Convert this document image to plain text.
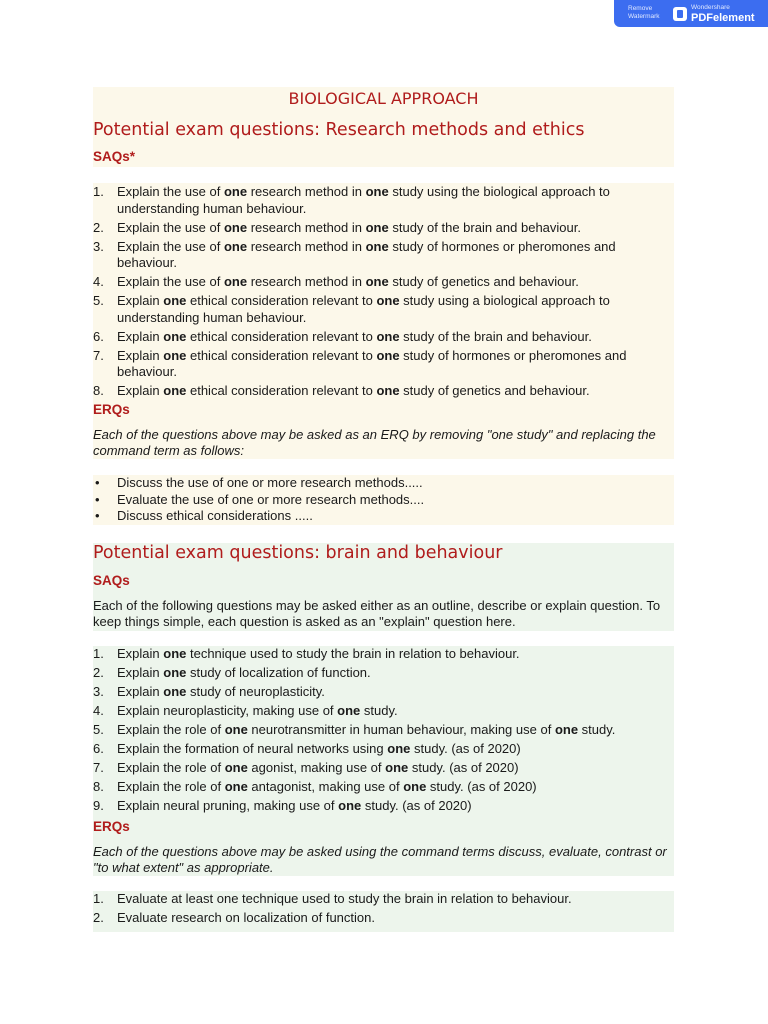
Remove
Watermark
Wondershare
PDFelement
BIOLOGICAL APPROACH
Potential exam questions: Research methods and ethics
SAQs*
1. Explain the use of one research method in one study using the biological approach to understanding human behaviour.
2. Explain the use of one research method in one study of the brain and behaviour.
3. Explain the use of one research method in one study of hormones or pheromones and behaviour.
4. Explain the use of one research method in one study of genetics and behaviour.
5. Explain one ethical consideration relevant to one study using a biological approach to understanding human behaviour.
6. Explain one ethical consideration relevant to one study of the brain and behaviour.
7. Explain one ethical consideration relevant to one study of hormones or pheromones and behaviour.
8. Explain one ethical consideration relevant to one study of genetics and behaviour.
ERQs
Each of the questions above may be asked as an ERQ by removing "one study" and replacing the command term as follows:
• Discuss the use of one or more research methods.....
• Evaluate the use of one or more research methods....
• Discuss ethical considerations .....
Potential exam questions: brain and behaviour
SAQs
Each of the following questions may be asked either as an outline, describe or explain question. To keep things simple, each question is asked as an "explain" question here.
1. Explain one technique used to study the brain in relation to behaviour.
2. Explain one study of localization of function.
3. Explain one study of neuroplasticity.
4. Explain neuroplasticity, making use of one study.
5. Explain the role of one neurotransmitter in human behaviour, making use of one study.
6. Explain the formation of neural networks using one study. (as of 2020)
7. Explain the role of one agonist, making use of one study. (as of 2020)
8. Explain the role of one antagonist, making use of one study. (as of 2020)
9. Explain neural pruning, making use of one study. (as of 2020)
ERQs
Each of the questions above may be asked using the command terms discuss, evaluate, contrast or "to what extent" as appropriate.
1. Evaluate at least one technique used to study the brain in relation to behaviour.
2. Evaluate research on localization of function.
